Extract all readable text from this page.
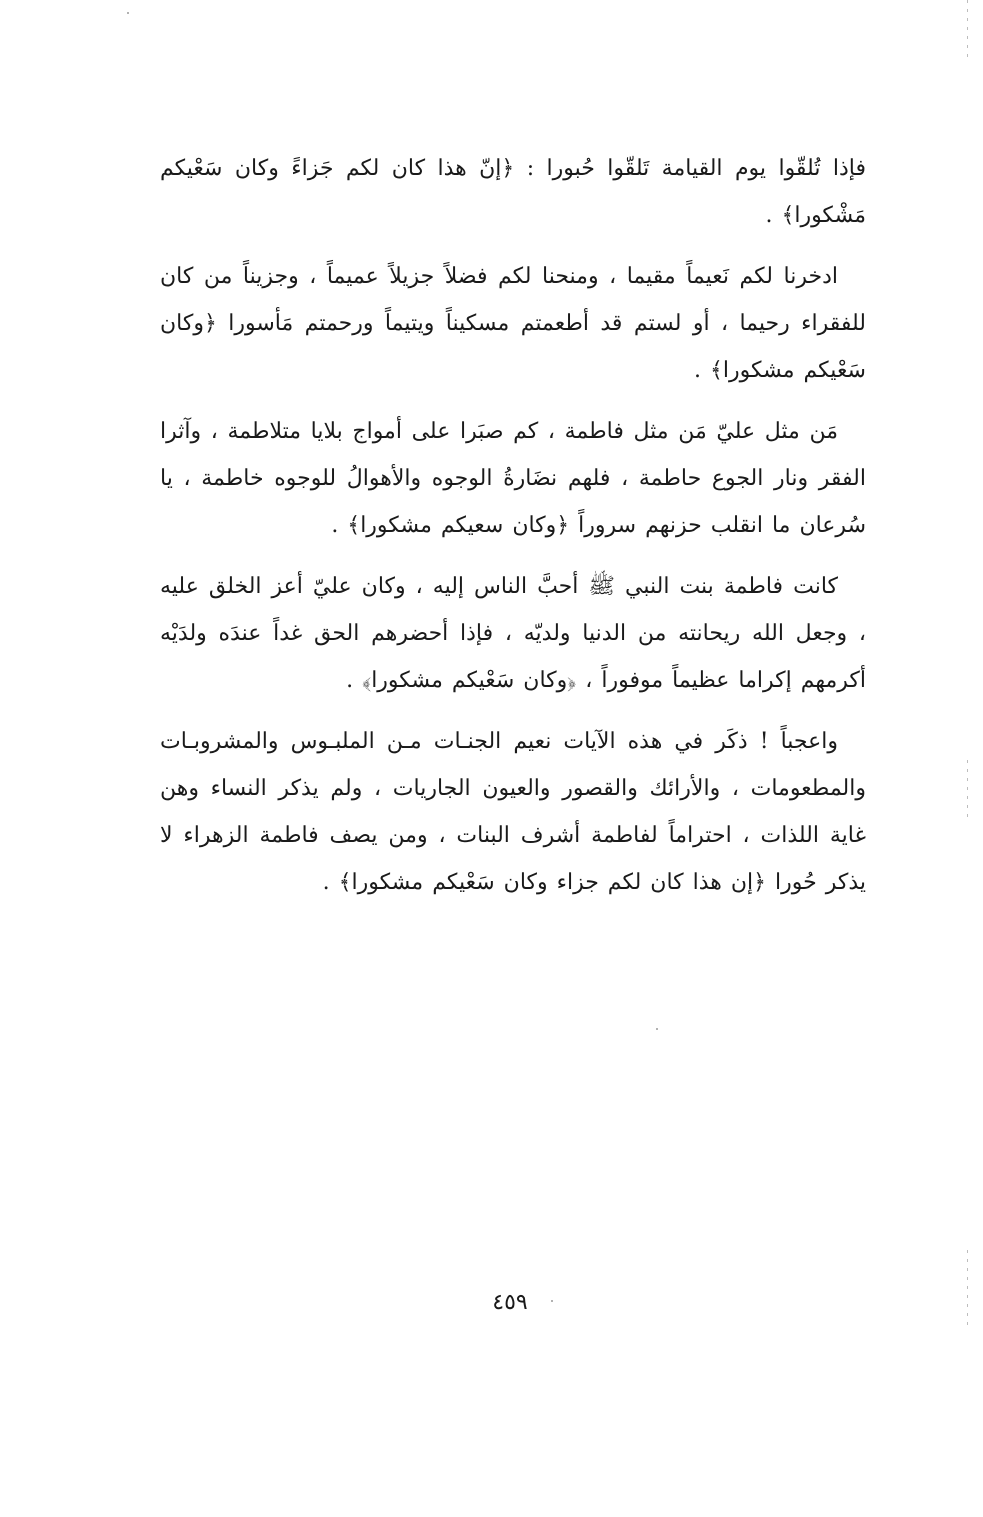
فإذا تُلقّوا يوم القيامة تَلقّوا حُبورا : ﴿إنّ هذا كان لكم جَزاءً وكان سَعْيكم مَشْكورا﴾ .

ادخرنا لكم نَعيماً مقيما ، ومنحنا لكم فضلاً جزيلاً عميماً ، وجزيناً من كان للفقراء رحيما ، أو لستم قد أطعمتم مسكيناً ويتيماً ورحمتم مَأسورا ﴿وكان سَعْيكم مشكورا﴾ .

مَن مثل عليّ مَن مثل فاطمة ، كم صبَرا على أمواج بلايا متلاطمة ، وآثرا الفقر ونار الجوع حاطمة ، فلهم نضَارةُ الوجوه والأهوالُ للوجوه خاطمة ، يا سُرعان ما انقلب حزنهم سروراً ﴿وكان سعيكم مشكورا﴾ .

كانت فاطمة بنت النبي ﷺ أحبَّ الناس إليه ، وكان عليّ أعز الخلق عليه ، وجعل الله ريحانته من الدنيا ولديّه ، فإذا أحضرهم الحق غداً عندَه ولدَيْه أكرمهم إكراما عظيماً موفوراً ، ﴿وكان سَعْيكم مشكورا﴾ .

واعجباً ! ذكَر في هذه الآيات نعيم الجنـات مـن الملبـوس والمشروبـات والمطعومات ، والأرائك والقصور والعيون الجاريات ، ولم يذكر النساء وهن غاية اللذات ، احتراماً لفاطمة أشرف البنات ، ومن يصف فاطمة الزهراء لا يذكر حُورا ﴿إن هذا كان لكم جزاء وكان سَعْيكم مشكورا﴾ .

٤٥٩
